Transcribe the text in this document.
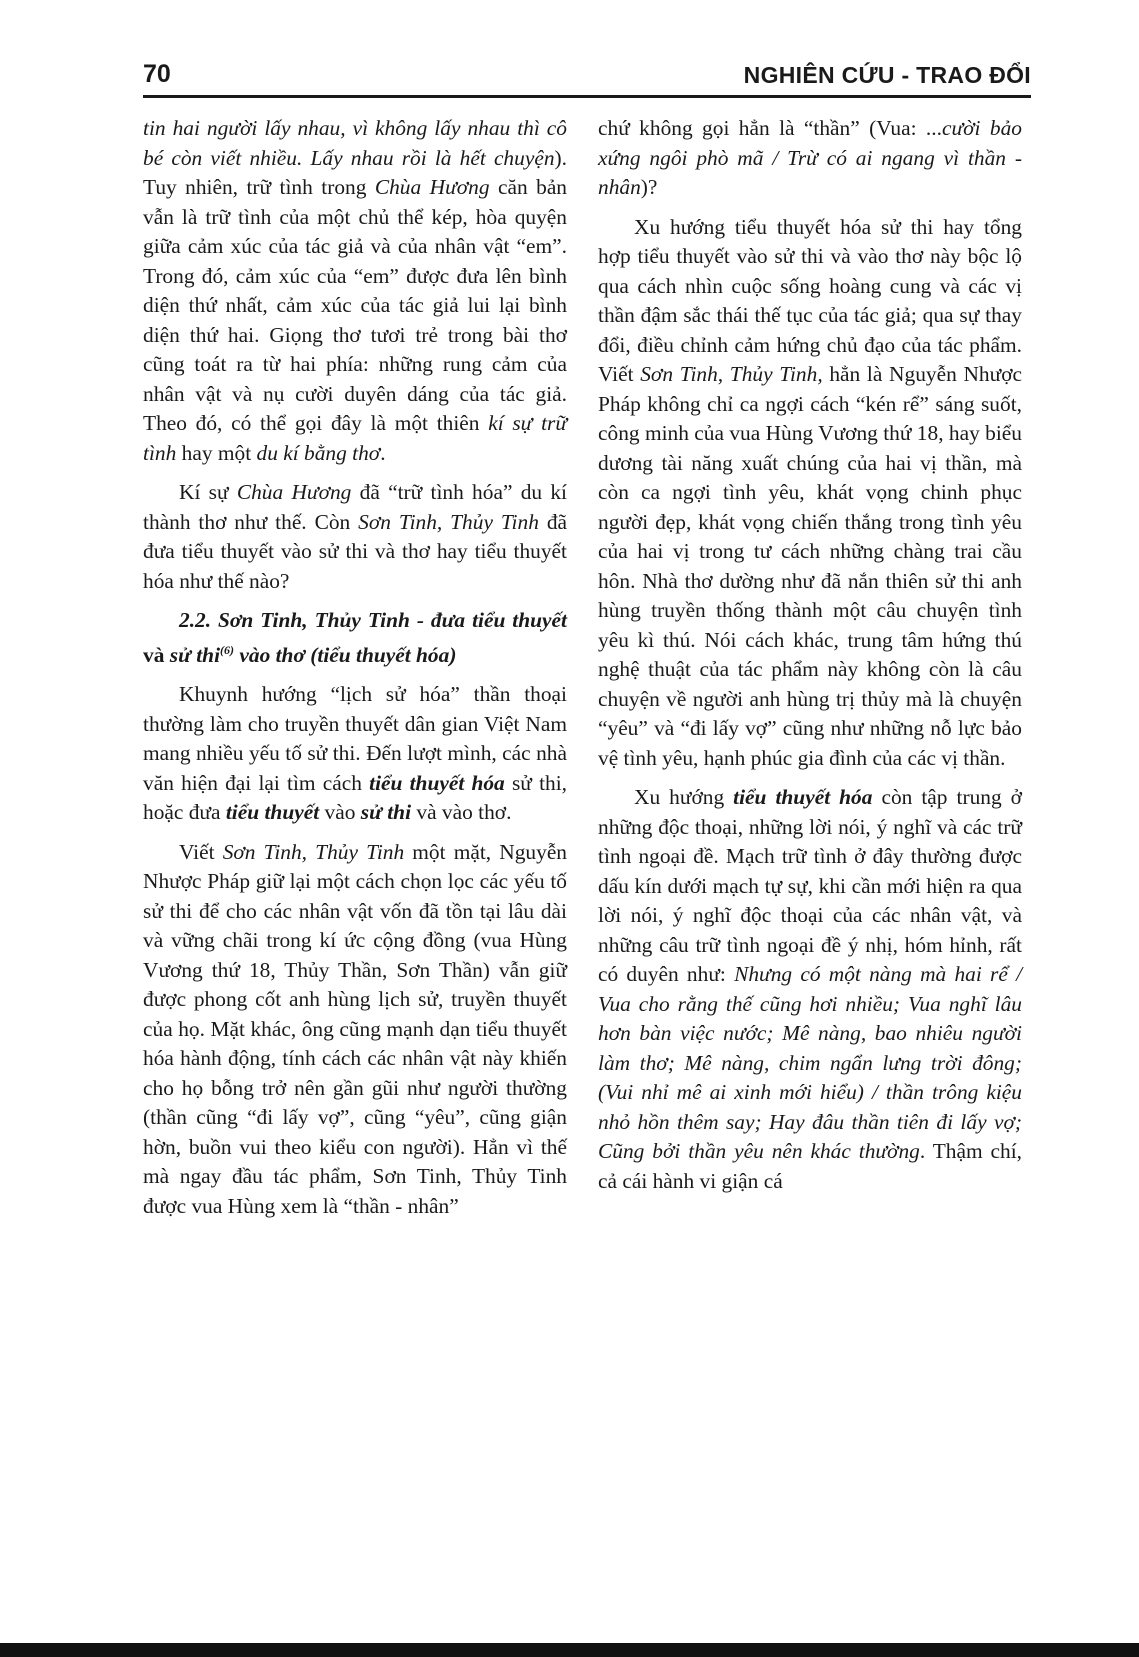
70	NGHIÊN CỨU - TRAO ĐỔI

tin hai người lấy nhau, vì không lấy nhau thì cô bé còn viết nhiều. Lấy nhau rồi là hết chuyện). Tuy nhiên, trữ tình trong Chùa Hương căn bản vẫn là trữ tình của một chủ thể kép, hòa quyện giữa cảm xúc của tác giả và của nhân vật “em”. Trong đó, cảm xúc của “em” được đưa lên bình diện thứ nhất, cảm xúc của tác giả lui lại bình diện thứ hai. Giọng thơ tươi trẻ trong bài thơ cũng toát ra từ hai phía: những rung cảm của nhân vật và nụ cười duyên dáng của tác giả. Theo đó, có thể gọi đây là một thiên kí sự trữ tình hay một du kí bằng thơ.

Kí sự Chùa Hương đã “trữ tình hóa” du kí thành thơ như thế. Còn Sơn Tinh, Thủy Tinh đã đưa tiểu thuyết vào sử thi và thơ hay tiểu thuyết hóa như thế nào?

2.2. Sơn Tinh, Thủy Tinh - đưa tiểu thuyết và sử thi$^{(6)}$ vào thơ (tiểu thuyết hóa)

Khuynh hướng “lịch sử hóa” thần thoại thường làm cho truyền thuyết dân gian Việt Nam mang nhiều yếu tố sử thi. Đến lượt mình, các nhà văn hiện đại lại tìm cách tiểu thuyết hóa sử thi, hoặc đưa tiểu thuyết vào sử thi và vào thơ.

Viết Sơn Tinh, Thủy Tinh một mặt, Nguyễn Nhược Pháp giữ lại một cách chọn lọc các yếu tố sử thi để cho các nhân vật vốn đã tồn tại lâu dài và vững chãi trong kí ức cộng đồng (vua Hùng Vương thứ 18, Thủy Thần, Sơn Thần) vẫn giữ được phong cốt anh hùng lịch sử, truyền thuyết của họ. Mặt khác, ông cũng mạnh dạn tiểu thuyết hóa hành động, tính cách các nhân vật này khiến cho họ bỗng trở nên gần gũi như người thường (thần cũng “đi lấy vợ”, cũng “yêu”, cũng giận hờn, buồn vui theo kiểu con người). Hẳn vì thế mà ngay đầu tác phẩm, Sơn Tinh, Thủy Tinh được vua Hùng xem là “thần - nhân”

chứ không gọi hẳn là “thần” (Vua: ...cười bảo xứng ngôi phò mã / Trừ có ai ngang vì thần - nhân)?

Xu hướng tiểu thuyết hóa sử thi hay tổng hợp tiểu thuyết vào sử thi và vào thơ này bộc lộ qua cách nhìn cuộc sống hoàng cung và các vị thần đậm sắc thái thế tục của tác giả; qua sự thay đổi, điều chỉnh cảm hứng chủ đạo của tác phẩm. Viết Sơn Tinh, Thủy Tinh, hẳn là Nguyễn Nhược Pháp không chỉ ca ngợi cách “kén rể” sáng suốt, công minh của vua Hùng Vương thứ 18, hay biểu dương tài năng xuất chúng của hai vị thần, mà còn ca ngợi tình yêu, khát vọng chinh phục người đẹp, khát vọng chiến thắng trong tình yêu của hai vị trong tư cách những chàng trai cầu hôn. Nhà thơ dường như đã nắn thiên sử thi anh hùng truyền thống thành một câu chuyện tình yêu kì thú. Nói cách khác, trung tâm hứng thú nghệ thuật của tác phẩm này không còn là câu chuyện về người anh hùng trị thủy mà là chuyện “yêu” và “đi lấy vợ” cũng như những nỗ lực bảo vệ tình yêu, hạnh phúc gia đình của các vị thần.

Xu hướng tiểu thuyết hóa còn tập trung ở những độc thoại, những lời nói, ý nghĩ và các trữ tình ngoại đề. Mạch trữ tình ở đây thường được dấu kín dưới mạch tự sự, khi cần mới hiện ra qua lời nói, ý nghĩ độc thoại của các nhân vật, và những câu trữ tình ngoại đề ý nhị, hóm hỉnh, rất có duyên như: Nhưng có một nàng mà hai rể / Vua cho rằng thế cũng hơi nhiều; Vua nghĩ lâu hơn bàn việc nước; Mê nàng, bao nhiêu người làm thơ; Mê nàng, chim ngẩn lưng trời đông; (Vui nhỉ mê ai xinh mới hiểu) / thần trông kiệu nhỏ hồn thêm say; Hay đâu thần tiên đi lấy vợ; Cũng bởi thần yêu nên khác thường. Thậm chí, cả cái hành vi giận cá
